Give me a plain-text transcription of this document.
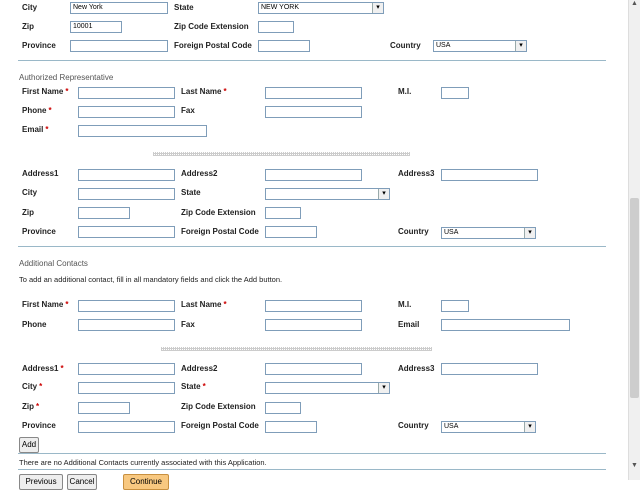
City	New York	State	NEW YORK	▾
Zip	10001	Zip Code Extension
Province	Foreign Postal Code	Country	USA	▾
Authorized Representative
First Name *	Last Name *	M.I.
Phone *	Fax
Email *
Address1	Address2	Address3
City	State	▾
Zip	Zip Code Extension
Province	Foreign Postal Code	Country	USA	▾
Additional Contacts
To add an additional contact, fill in all mandatory fields and click the Add button.
First Name *	Last Name *	M.I.
Phone	Fax	Email
Address1 *	Address2	Address3
City *	State *	▾
Zip *	Zip Code Extension
Province	Foreign Postal Code	Country	USA	▾
Add
There are no Additional Contacts currently associated with this Application.
Previous	Cancel	Continue
▲
▼
